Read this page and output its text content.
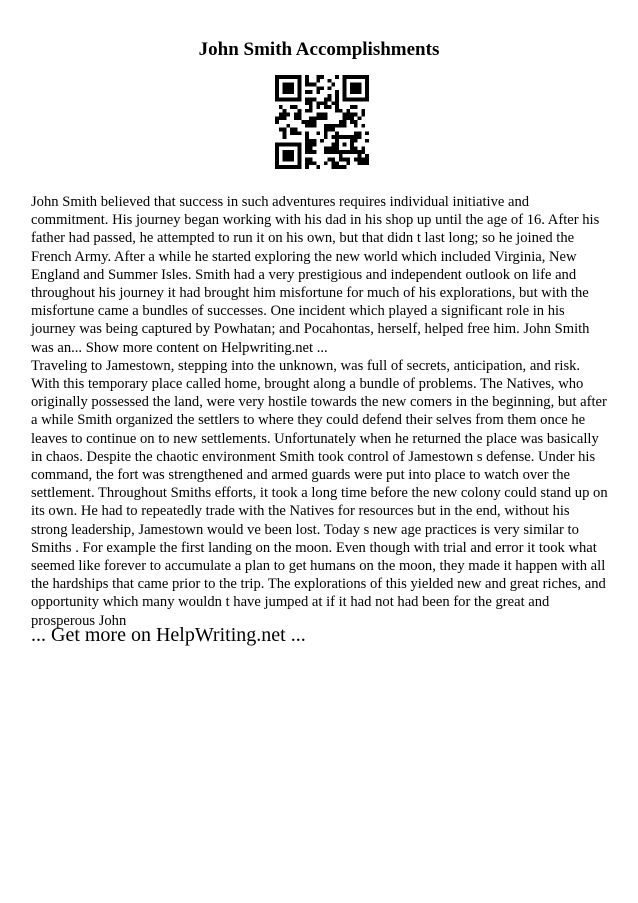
John Smith Accomplishments

John Smith believed that success in such adventures requires individual initiative and commitment. His journey began working with his dad in his shop up until the age of 16. After his father had passed, he attempted to run it on his own, but that didn t last long; so he joined the French Army. After a while he started exploring the new world which included Virginia, New England and Summer Isles. Smith had a very prestigious and independent outlook on life and throughout his journey it had brought him misfortune for much of his explorations, but with the misfortune came a bundles of successes. One incident which played a significant role in his journey was being captured by Powhatan; and Pocahontas, herself, helped free him. John Smith was an... Show more content on Helpwriting.net ...

Traveling to Jamestown, stepping into the unknown, was full of secrets, anticipation, and risk. With this temporary place called home, brought along a bundle of problems. The Natives, who originally possessed the land, were very hostile towards the new comers in the beginning, but after a while Smith organized the settlers to where they could defend their selves from them once he leaves to continue on to new settlements. Unfortunately when he returned the place was basically in chaos. Despite the chaotic environment Smith took control of Jamestown s defense. Under his command, the fort was strengthened and armed guards were put into place to watch over the settlement. Throughout Smiths efforts, it took a long time before the new colony could stand up on its own. He had to repeatedly trade with the Natives for resources but in the end, without his strong leadership, Jamestown would ve been lost. Today s new age practices is very similar to Smiths . For example the first landing on the moon. Even though with trial and error it took what seemed like forever to accumulate a plan to get humans on the moon, they made it happen with all the hardships that came prior to the trip. The explorations of this yielded new and great riches, and opportunity which many wouldn t have jumped at if it had not had been for the great and prosperous John

... Get more on HelpWriting.net ...
